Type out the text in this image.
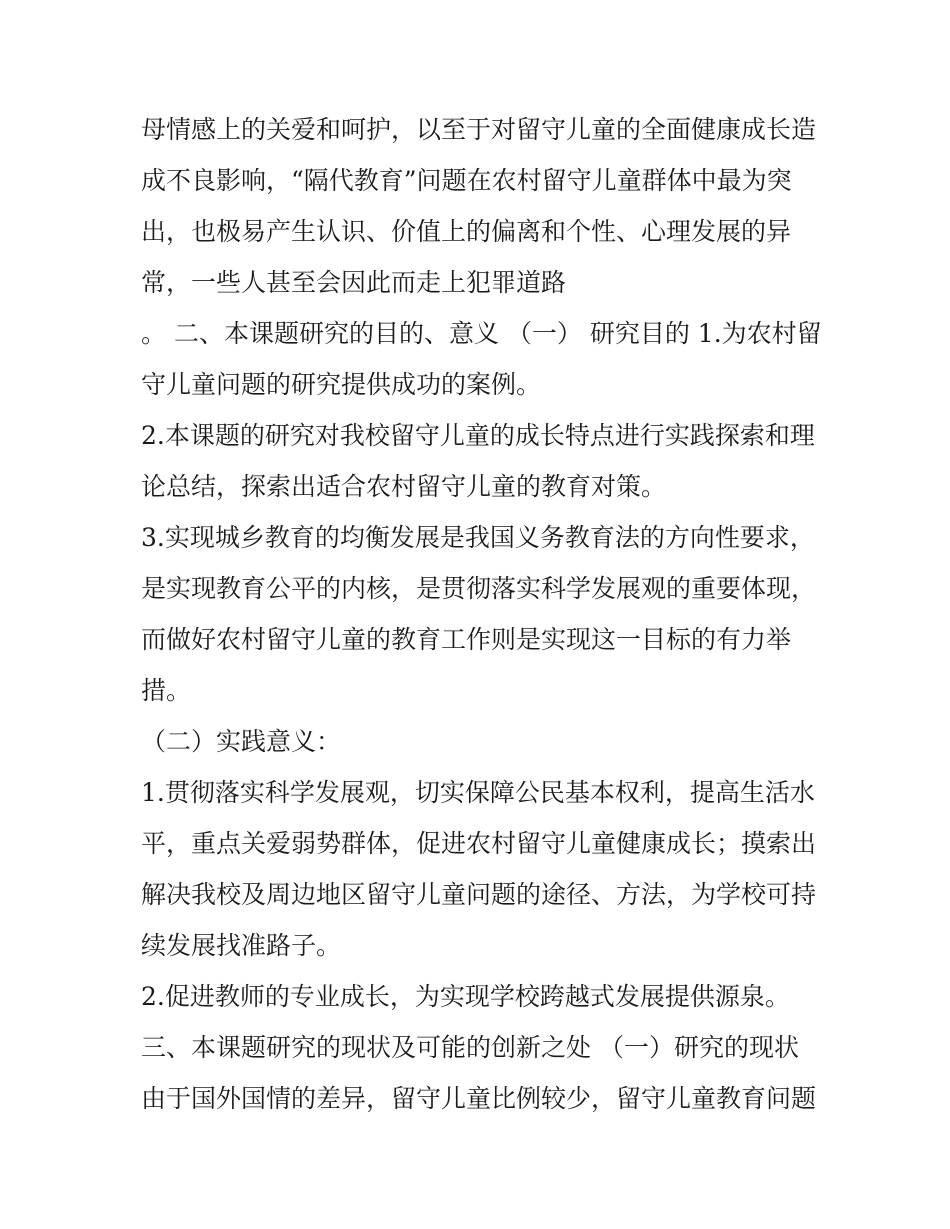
母情感上的关爱和呵护，以至于对留守儿童的全面健康成长造
成不良影响，“隔代教育”问题在农村留守儿童群体中最为突
出，也极易产生认识、价值上的偏离和个性、心理发展的异
常，一些人甚至会因此而走上犯罪道路
。 二、本课题研究的目的、意义 （一） 研究目的 1.为农村留
守儿童问题的研究提供成功的案例。
2.本课题的研究对我校留守儿童的成长特点进行实践探索和理
论总结，探索出适合农村留守儿童的教育对策。
3.实现城乡教育的均衡发展是我国义务教育法的方向性要求，
是实现教育公平的内核，是贯彻落实科学发展观的重要体现，
而做好农村留守儿童的教育工作则是实现这一目标的有力举
措。
（二）实践意义：
1.贯彻落实科学发展观，切实保障公民基本权利，提高生活水
平，重点关爱弱势群体，促进农村留守儿童健康成长；摸索出
解决我校及周边地区留守儿童问题的途径、方法，为学校可持
续发展找准路子。
2.促进教师的专业成长，为实现学校跨越式发展提供源泉。
三、本课题研究的现状及可能的创新之处 （一）研究的现状
由于国外国情的差异，留守儿童比例较少，留守儿童教育问题
